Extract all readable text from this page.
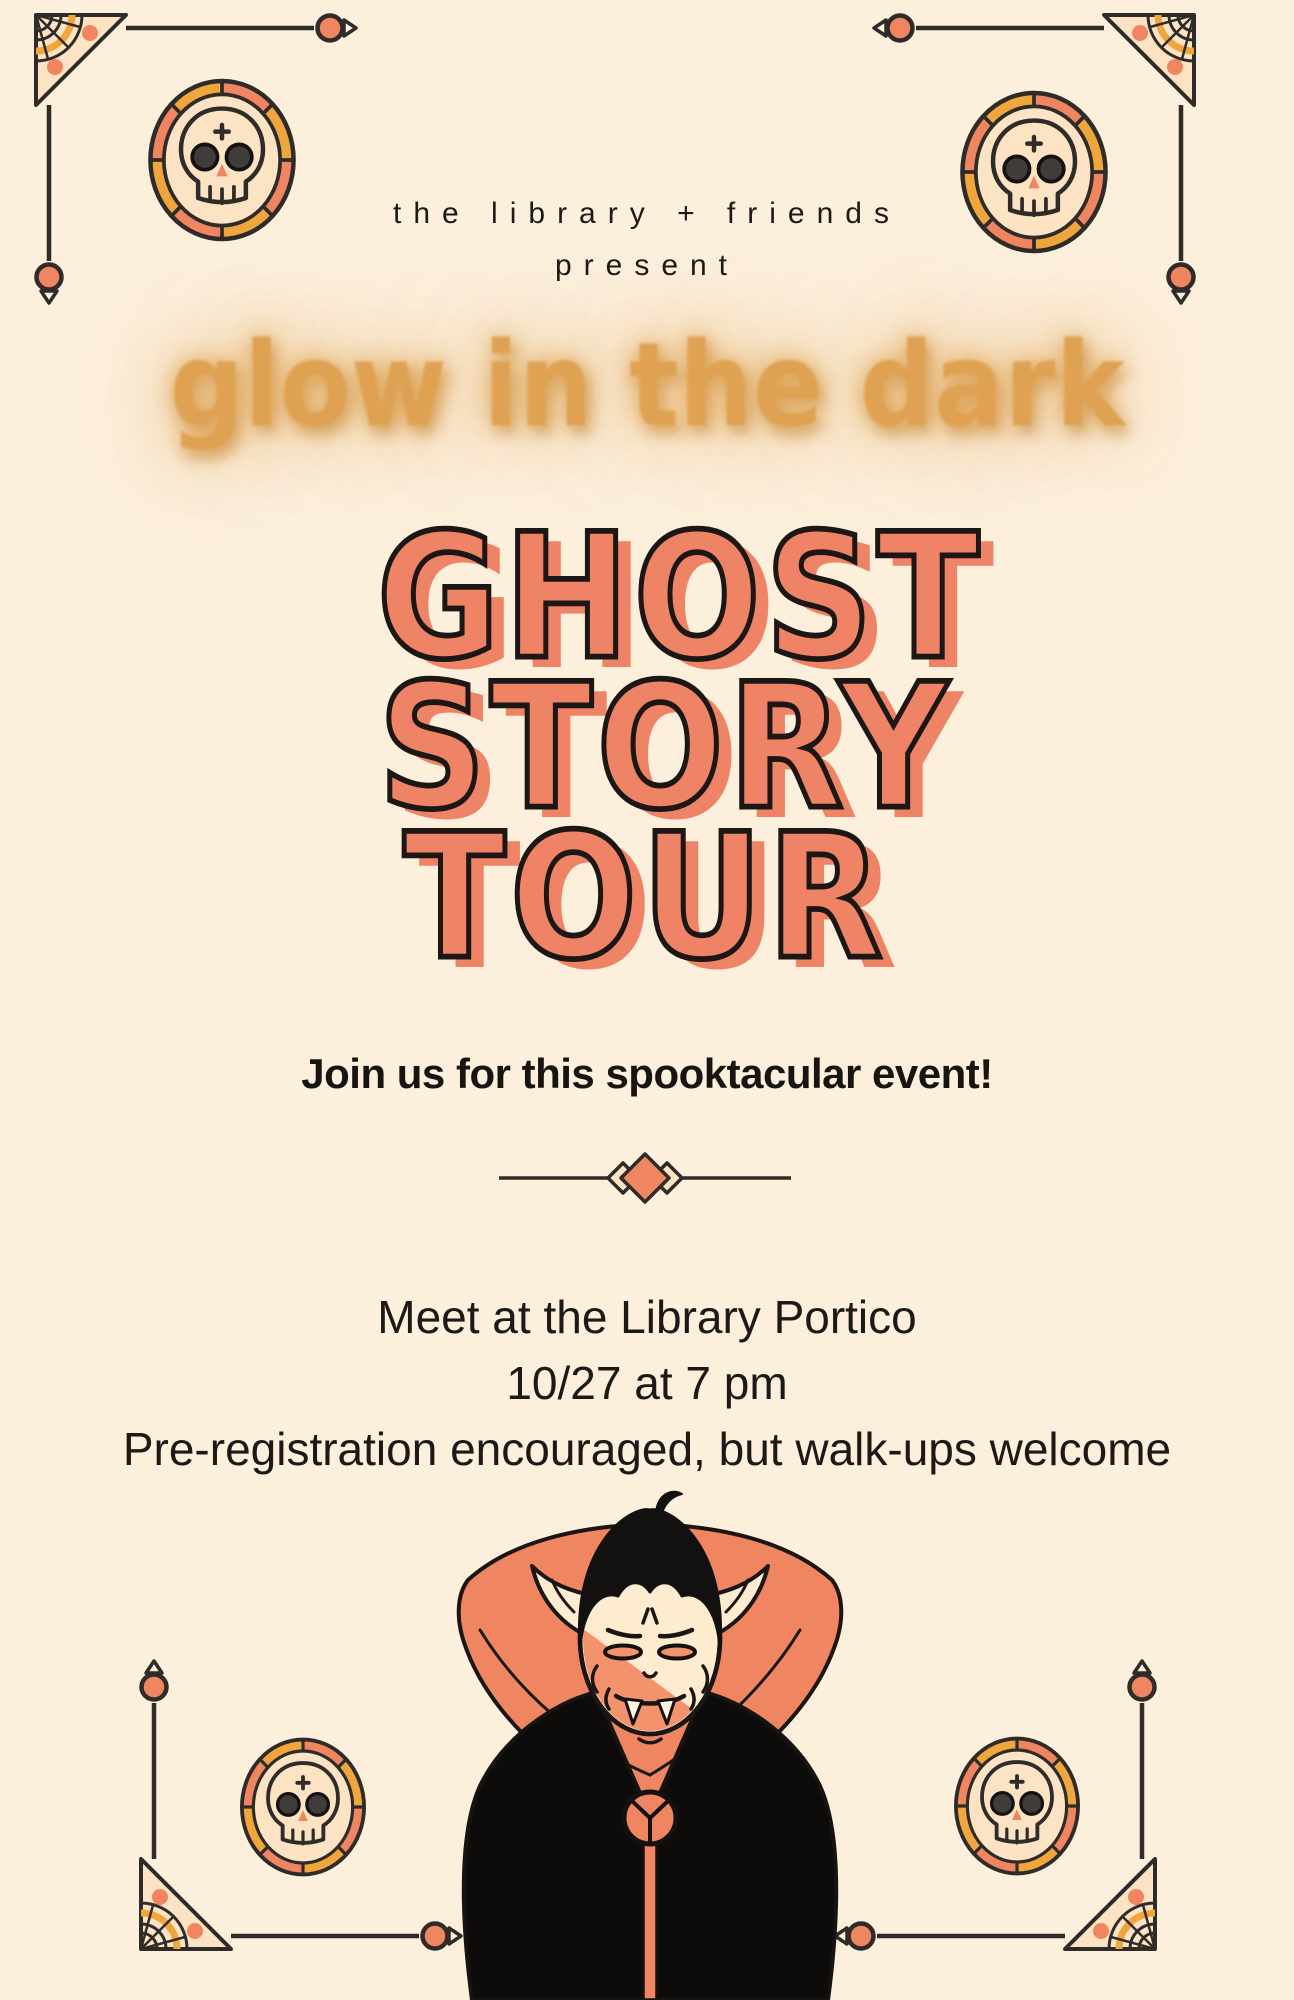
the library + friends
present
glow in the dark
GHOST
STORY
TOUR
Join us for this spooktacular event!
Meet at the Library Portico
10/27 at 7 pm
Pre-registration encouraged, but walk-ups welcome
